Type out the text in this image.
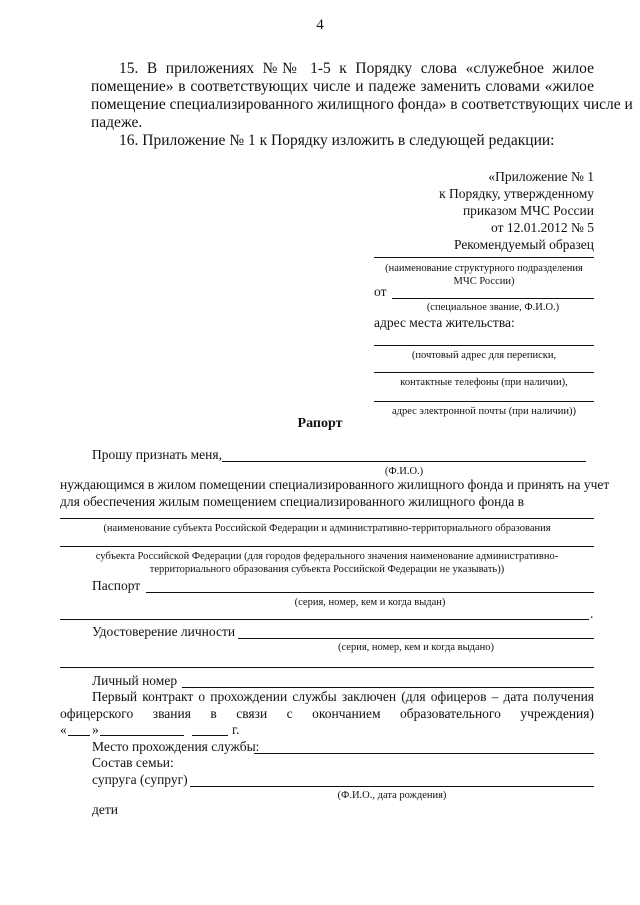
4
15. В приложениях №№ 1-5 к Порядку слова «служебное жилое
помещение» в соответствующих числе и падеже заменить словами «жилое
помещение специализированного жилищного фонда» в соответствующих числе и
падеже.
16. Приложение № 1 к Порядку изложить в следующей редакции:
«Приложение № 1
к Порядку, утвержденному
приказом МЧС России
от 12.01.2012 № 5
Рекомендуемый образец
(наименование структурного подразделения
МЧС России)
от
(специальное звание, Ф.И.О.)
адрес места жительства:
(почтовый адрес для переписки,
контактные телефоны (при наличии),
адрес электронной почты (при наличии))
Рапорт
Прошу признать меня,
(Ф.И.О.)
нуждающимся в жилом помещении специализированного жилищного фонда и принять на учет
для обеспечения жилым помещением специализированного жилищного фонда в
(наименование субъекта Российской Федерации и административно-территориального образования
субъекта Российской Федерации (для городов федерального значения наименование административно-
территориального образования субъекта Российской Федерации не указывать))
Паспорт
(серия, номер, кем и когда выдан)
.
Удостоверение личности
(серия, номер, кем и когда выдано)
Личный номер
Первый контракт о прохождении службы заключен (для офицеров – дата получения
офицерского звания в связи с окончанием образовательного учреждения)
« »	г.
Место прохождения службы:
Состав семьи:
супруга (супруг)
(Ф.И.О., дата рождения)
дети
